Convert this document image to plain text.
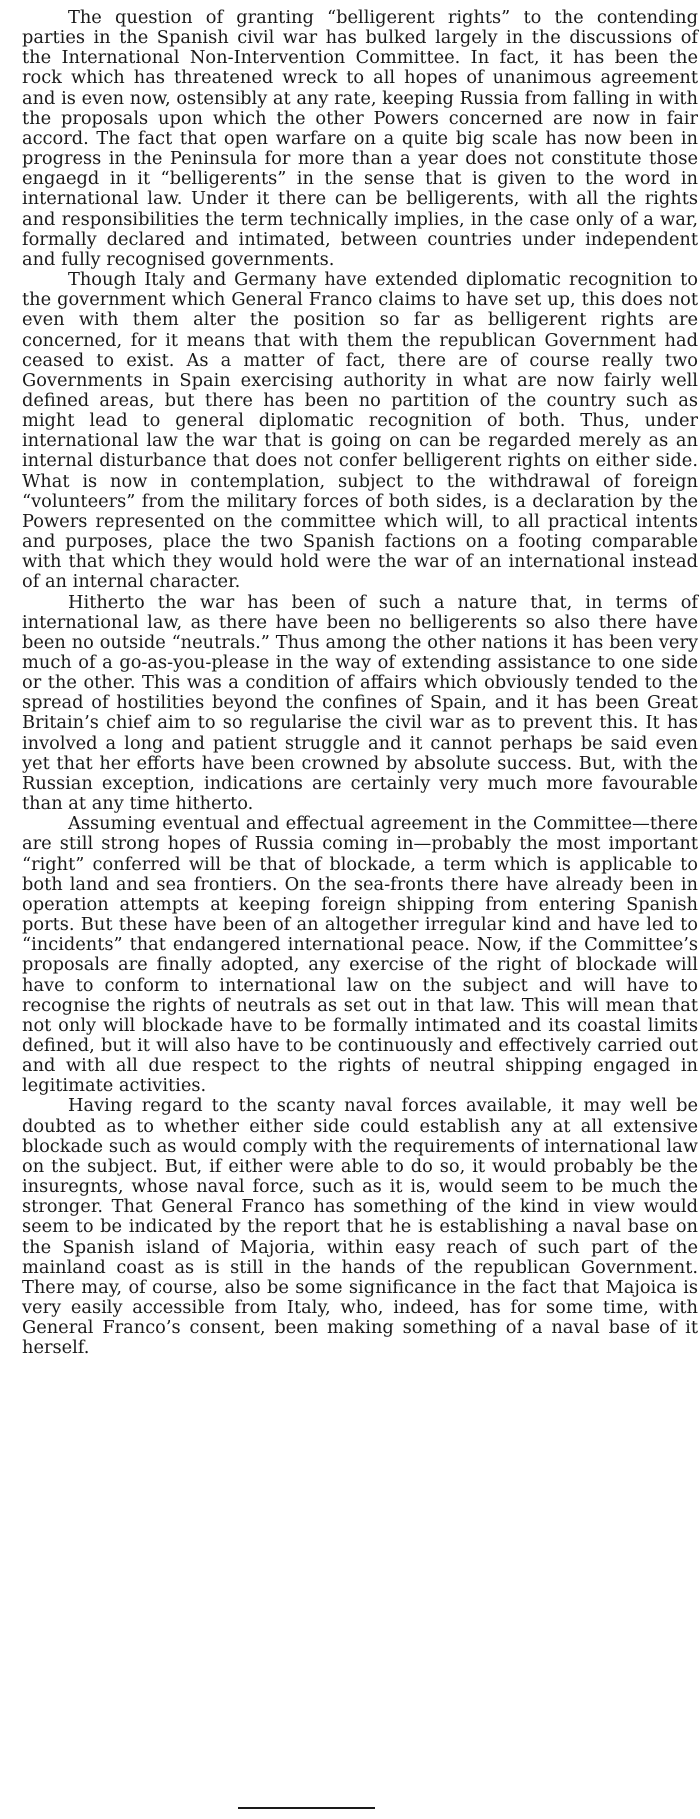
The question of granting “belligerent rights” to the contending parties in the Spanish civil war has bulked largely in the discussions of the International Non-Intervention Committee. In fact, it has been the rock which has threatened wreck to all hopes of unanimous agreement and is even now, ostensibly at any rate, keeping Russia from falling in with the proposals upon which the other Powers concerned are now in fair accord. The fact that open warfare on a quite big scale has now been in progress in the Peninsula for more than a year does not constitute those engaegd in it “belligerents” in the sense that is given to the word in international law. Under it there can be belligerents, with all the rights and responsibilities the term technically implies, in the case only of a war, formally declared and intimated, between countries under independent and fully recognised governments.

Though Italy and Germany have extended diplomatic recognition to the government which General Franco claims to have set up, this does not even with them alter the position so far as belligerent rights are concerned, for it means that with them the republican Government had ceased to exist. As a matter of fact, there are of course really two Governments in Spain exercising authority in what are now fairly well defined areas, but there has been no partition of the country such as might lead to general diplomatic recognition of both. Thus, under international law the war that is going on can be regarded merely as an internal disturbance that does not confer belligerent rights on either side. What is now in contemplation, subject to the withdrawal of foreign “volunteers” from the military forces of both sides, is a declaration by the Powers represented on the committee which will, to all practical intents and purposes, place the two Spanish factions on a footing comparable with that which they would hold were the war of an international instead of an internal character.

Hitherto the war has been of such a nature that, in terms of international law, as there have been no belligerents so also there have been no outside “neutrals.” Thus among the other nations it has been very much of a go-as-you-please in the way of extending assistance to one side or the other. This was a condition of affairs which obviously tended to the spread of hostilities beyond the confines of Spain, and it has been Great Britain’s chief aim to so regularise the civil war as to prevent this. It has involved a long and patient struggle and it cannot perhaps be said even yet that her efforts have been crowned by absolute success. But, with the Russian exception, indications are certainly very much more favourable than at any time hitherto.

Assuming eventual and effectual agreement in the Committee—there are still strong hopes of Russia coming in—probably the most important “right” conferred will be that of blockade, a term which is applicable to both land and sea frontiers. On the sea-fronts there have already been in operation attempts at keeping foreign shipping from entering Spanish ports. But these have been of an altogether irregular kind and have led to “incidents” that endangered international peace. Now, if the Committee’s proposals are finally adopted, any exercise of the right of blockade will have to conform to international law on the subject and will have to recognise the rights of neutrals as set out in that law. This will mean that not only will blockade have to be formally intimated and its coastal limits defined, but it will also have to be continuously and effectively carried out and with all due respect to the rights of neutral shipping engaged in legitimate activities.

Having regard to the scanty naval forces available, it may well be doubted as to whether either side could establish any at all extensive blockade such as would comply with the requirements of international law on the subject. But, if either were able to do so, it would probably be the insuregnts, whose naval force, such as it is, would seem to be much the stronger. That General Franco has something of the kind in view would seem to be indicated by the report that he is establishing a naval base on the Spanish island of Majoria, within easy reach of such part of the mainland coast as is still in the hands of the republican Government. There may, of course, also be some significance in the fact that Majoica is very easily accessible from Italy, who, indeed, has for some time, with General Franco’s consent, been making something of a naval base of it herself.
